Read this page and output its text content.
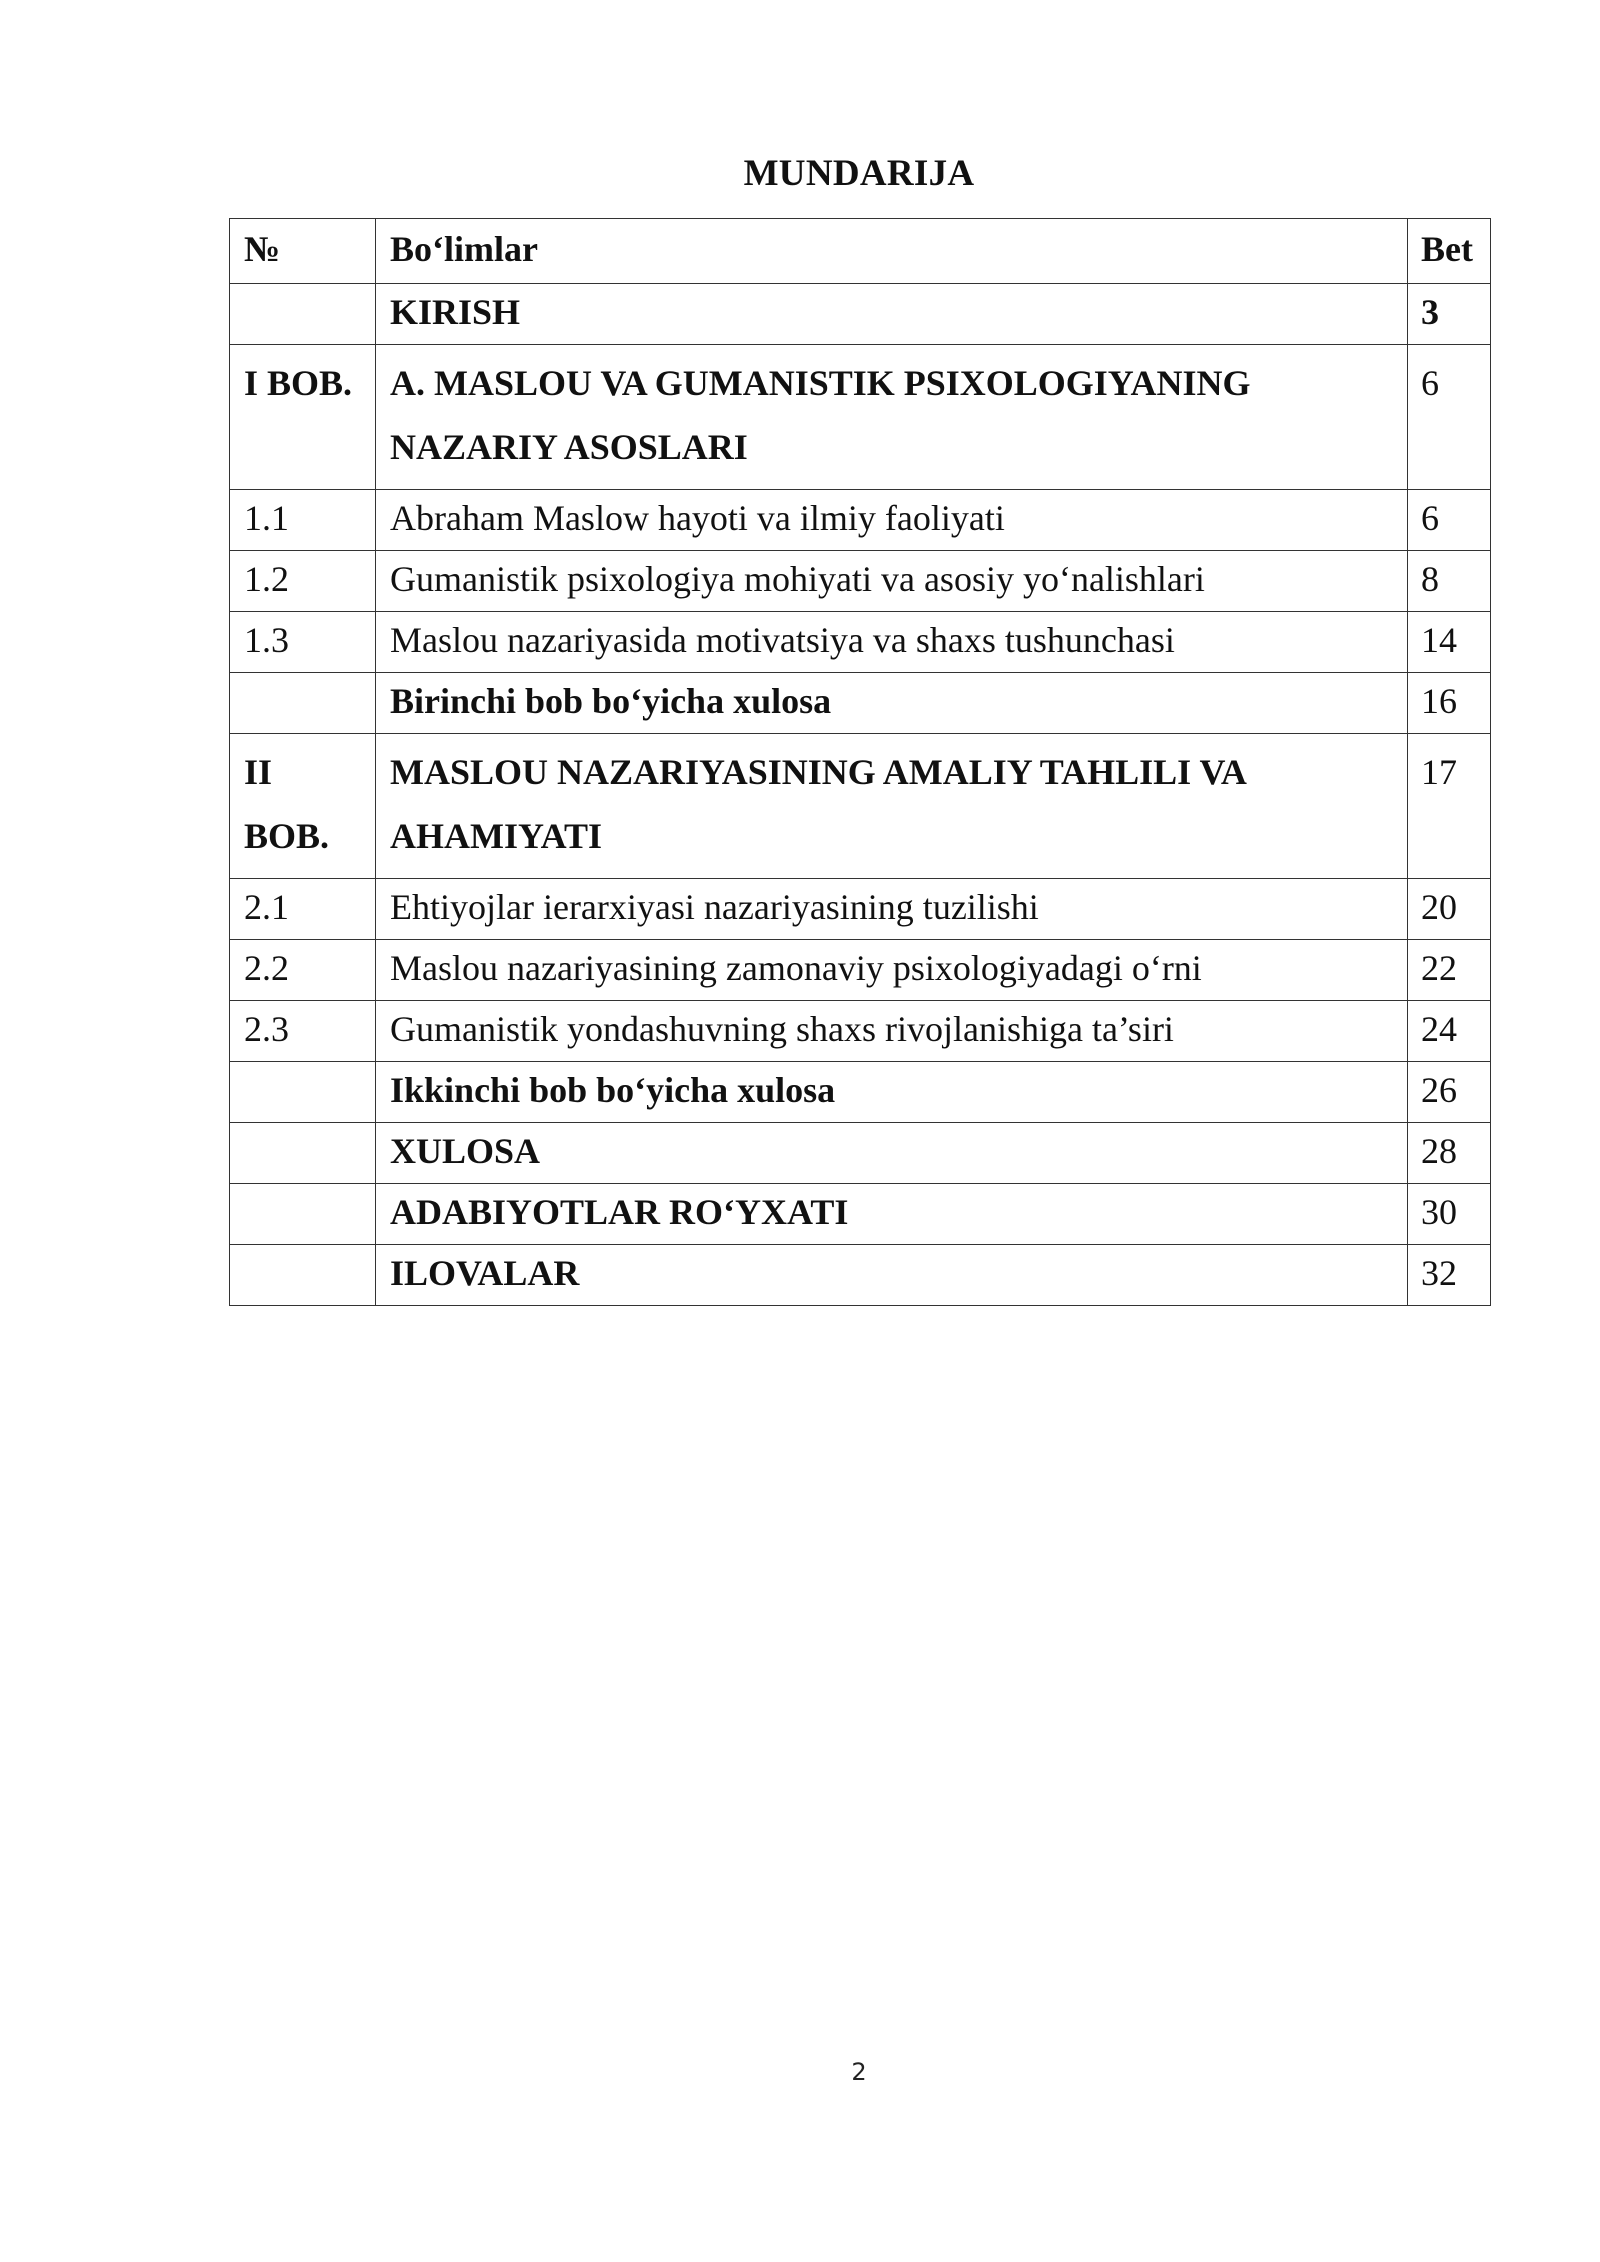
MUNDARIJA
№	Bo‘limlar	Bet
	KIRISH	3
I BOB.	A. MASLOU VA GUMANISTIK PSIXOLOGIYANING NAZARIY ASOSLARI	6
1.1	Abraham Maslow hayoti va ilmiy faoliyati	6
1.2	Gumanistik psixologiya mohiyati va asosiy yo‘nalishlari	8
1.3	Maslou nazariyasida motivatsiya va shaxs tushunchasi	14
	Birinchi bob bo‘yicha xulosa	16
II BOB.	MASLOU NAZARIYASINING AMALIY TAHLILI VA AHAMIYATI	17
2.1	Ehtiyojlar ierarxiyasi nazariyasining tuzilishi	20
2.2	Maslou nazariyasining zamonaviy psixologiyadagi o‘rni	22
2.3	Gumanistik yondashuvning shaxs rivojlanishiga ta’siri	24
	Ikkinchi bob bo‘yicha xulosa	26
	XULOSA	28
	ADABIYOTLAR RO‘YXATI	30
	ILOVALAR	32
2
